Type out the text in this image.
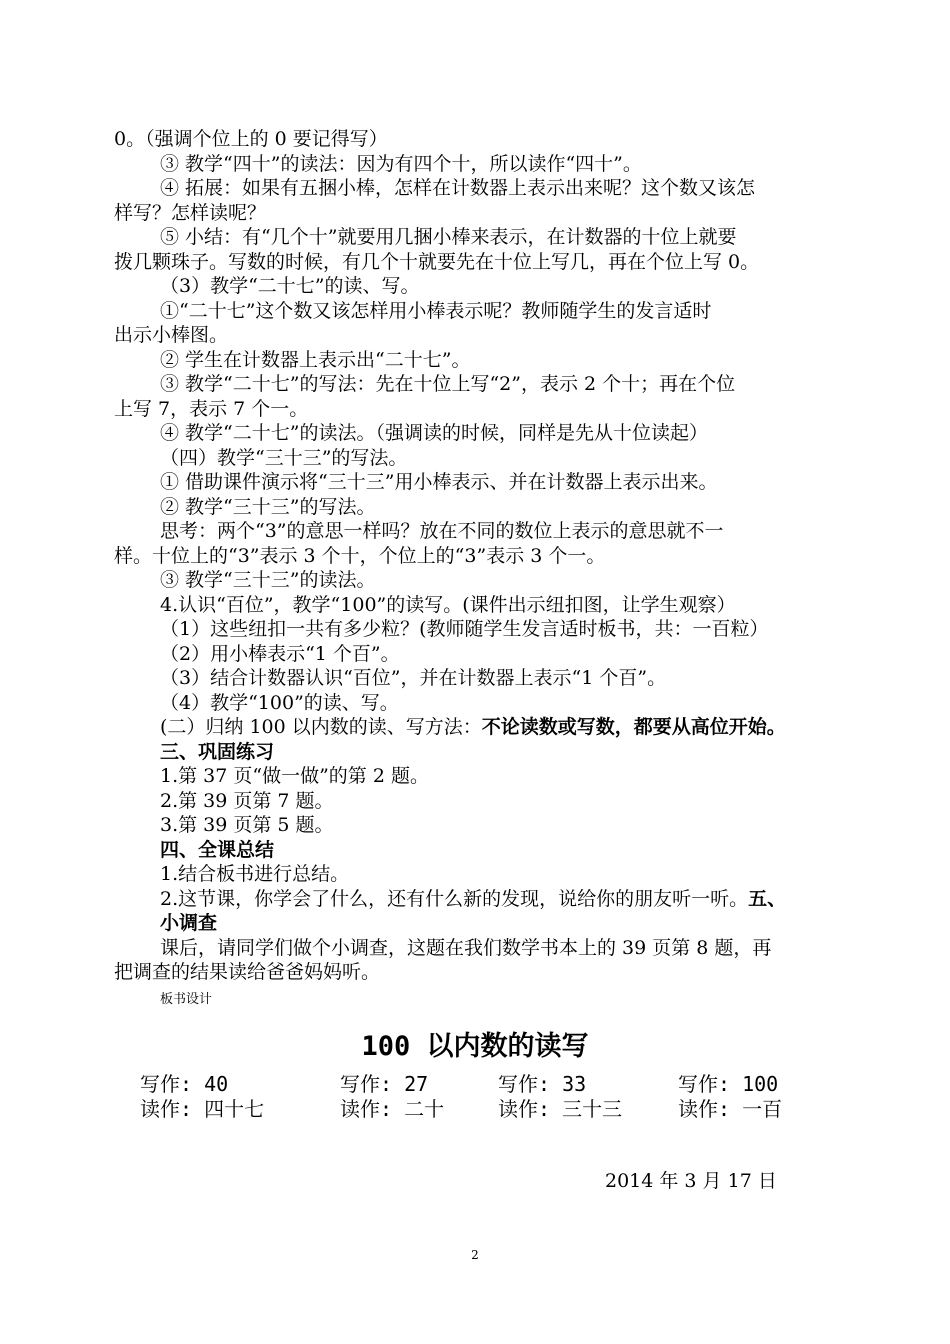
0。（强调个位上的 0 要记得写）
③ 教学“四十”的读法：因为有四个十，所以读作“四十”。
④ 拓展：如果有五捆小棒，怎样在计数器上表示出来呢？这个数又该怎
样写？怎样读呢？
⑤ 小结：有“几个十”就要用几捆小棒来表示，在计数器的十位上就要
拨几颗珠子。写数的时候，有几个十就要先在十位上写几，再在个位上写 0。
（3）教学“二十七”的读、写。
①“二十七”这个数又该怎样用小棒表示呢？教师随学生的发言适时
出示小棒图。
② 学生在计数器上表示出“二十七”。
③ 教学“二十七”的写法：先在十位上写“2”，表示 2 个十；再在个位
上写 7，表示 7 个一。
④ 教学“二十七”的读法。（强调读的时候，同样是先从十位读起）
（四）教学“三十三”的写法。
① 借助课件演示将“三十三”用小棒表示、并在计数器上表示出来。
② 教学“三十三”的写法。
思考：两个“3”的意思一样吗？放在不同的数位上表示的意思就不一
样。十位上的“3”表示 3 个十，个位上的“3”表示 3 个一。
③ 教学“三十三”的读法。
4.认识“百位”，教学“100”的读写。(课件出示纽扣图，让学生观察）
（1）这些纽扣一共有多少粒？(教师随学生发言适时板书，共：一百粒）
（2）用小棒表示“1 个百”。
（3）结合计数器认识“百位”，并在计数器上表示“1 个百”。
（4）教学“100”的读、写。
(二）归纳 100 以内数的读、写方法：不论读数或写数，都要从高位开始。
三、巩固练习
1.第 37 页“做一做”的第 2 题。
2.第 39 页第 7 题。
3.第 39 页第 5 题。
四、全课总结
1.结合板书进行总结。
2.这节课，你学会了什么，还有什么新的发现，说给你的朋友听一听。五、
小调查
课后，请同学们做个小调查，这题在我们数学书本上的 39 页第 8 题，再
把调查的结果读给爸爸妈妈听。
板书设计
100 以内数的读写
写作: 40	写作: 27	写作: 33	写作: 100
读作: 四十七	读作: 二十	读作: 三十三	读作: 一百
2014 年 3 月 17 日
2
